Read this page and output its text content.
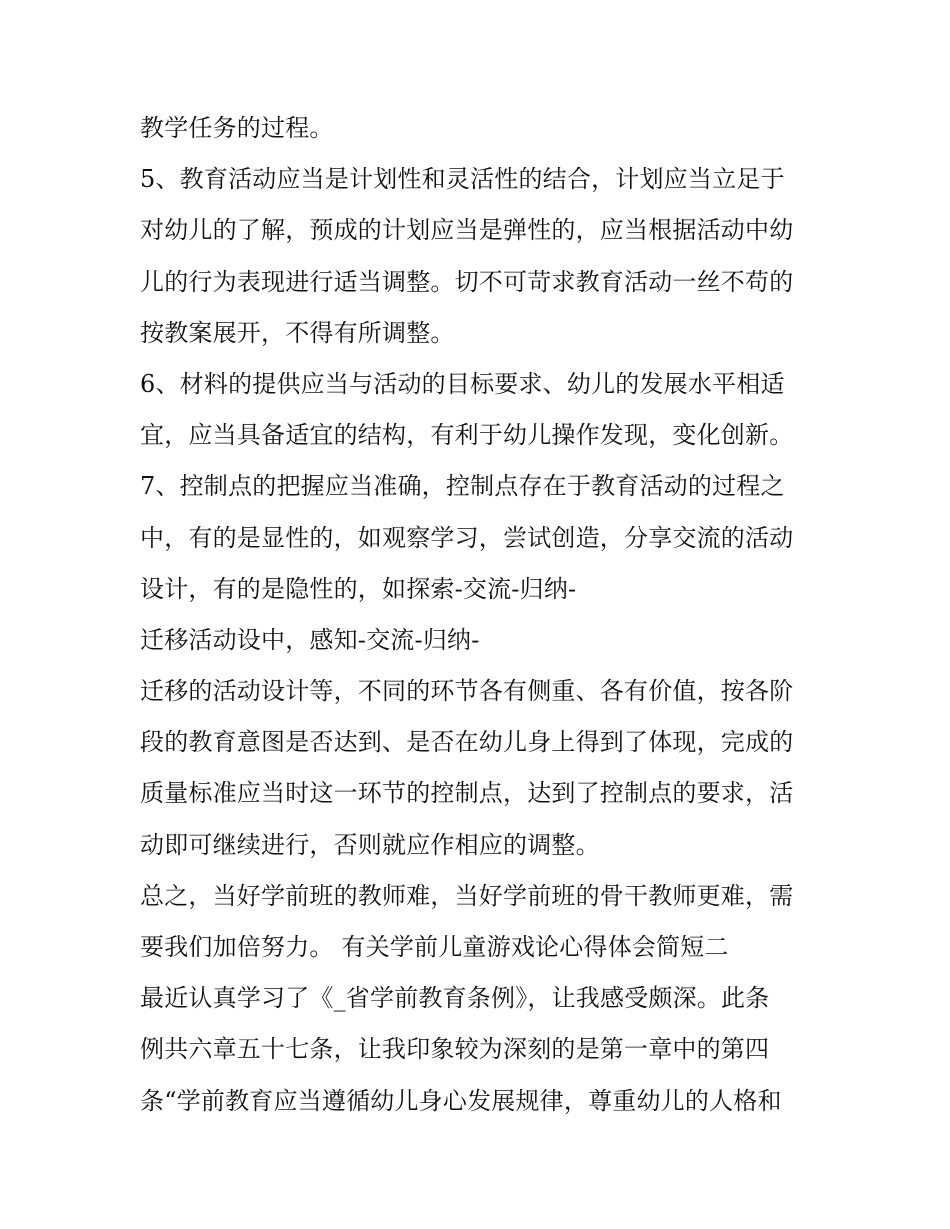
教学任务的过程。
5、教育活动应当是计划性和灵活性的结合，计划应当立足于
对幼儿的了解，预成的计划应当是弹性的，应当根据活动中幼
儿的行为表现进行适当调整。切不可苛求教育活动一丝不苟的
按教案展开，不得有所调整。
6、材料的提供应当与活动的目标要求、幼儿的发展水平相适
宜，应当具备适宜的结构，有利于幼儿操作发现，变化创新。
7、控制点的把握应当准确，控制点存在于教育活动的过程之
中，有的是显性的，如观察学习，尝试创造，分享交流的活动
设计，有的是隐性的，如探索-交流-归纳-
迁移活动设中，感知-交流-归纳-
迁移的活动设计等，不同的环节各有侧重、各有价值，按各阶
段的教育意图是否达到、是否在幼儿身上得到了体现，完成的
质量标准应当时这一环节的控制点，达到了控制点的要求，活
动即可继续进行，否则就应作相应的调整。
总之，当好学前班的教师难，当好学前班的骨干教师更难，需
要我们加倍努力。 有关学前儿童游戏论心得体会简短二
最近认真学习了《_省学前教育条例》，让我感受颇深。此条
例共六章五十七条，让我印象较为深刻的是第一章中的第四
条“学前教育应当遵循幼儿身心发展规律，尊重幼儿的人格和
